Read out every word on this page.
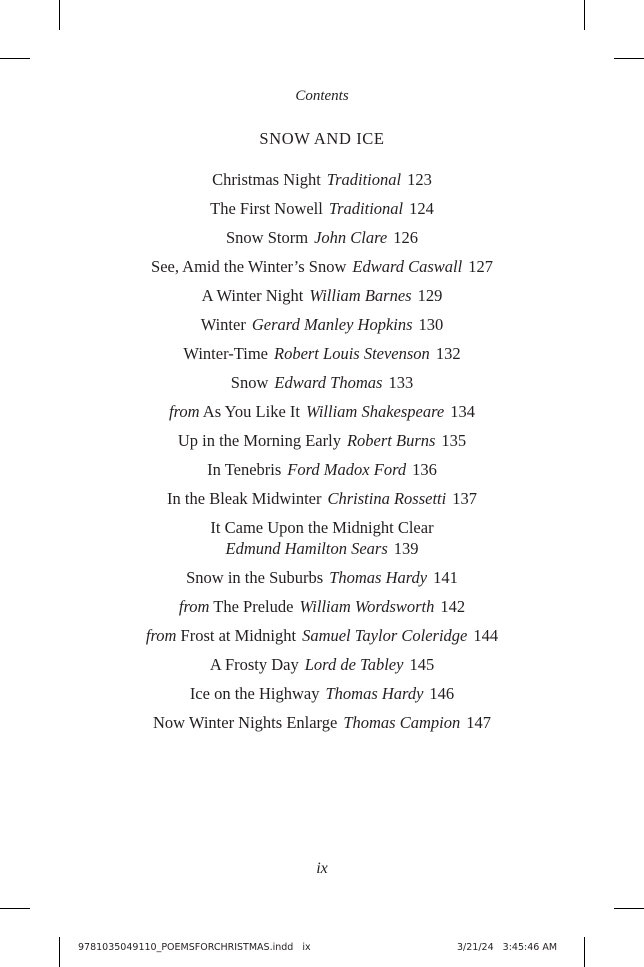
Contents
SNOW AND ICE
Christmas Night Traditional 123
The First Nowell Traditional 124
Snow Storm John Clare 126
See, Amid the Winter’s Snow Edward Caswall 127
A Winter Night William Barnes 129
Winter Gerard Manley Hopkins 130
Winter-Time Robert Louis Stevenson 132
Snow Edward Thomas 133
from As You Like It William Shakespeare 134
Up in the Morning Early Robert Burns 135
In Tenebris Ford Madox Ford 136
In the Bleak Midwinter Christina Rossetti 137
It Came Upon the Midnight Clear
Edmund Hamilton Sears 139
Snow in the Suburbs Thomas Hardy 141
from The Prelude William Wordsworth 142
from Frost at Midnight Samuel Taylor Coleridge 144
A Frosty Day Lord de Tabley 145
Ice on the Highway Thomas Hardy 146
Now Winter Nights Enlarge Thomas Campion 147
ix
9781035049110_POEMSFORCHRISTMAS.indd   ix	3/21/24   3:45:46 AM
